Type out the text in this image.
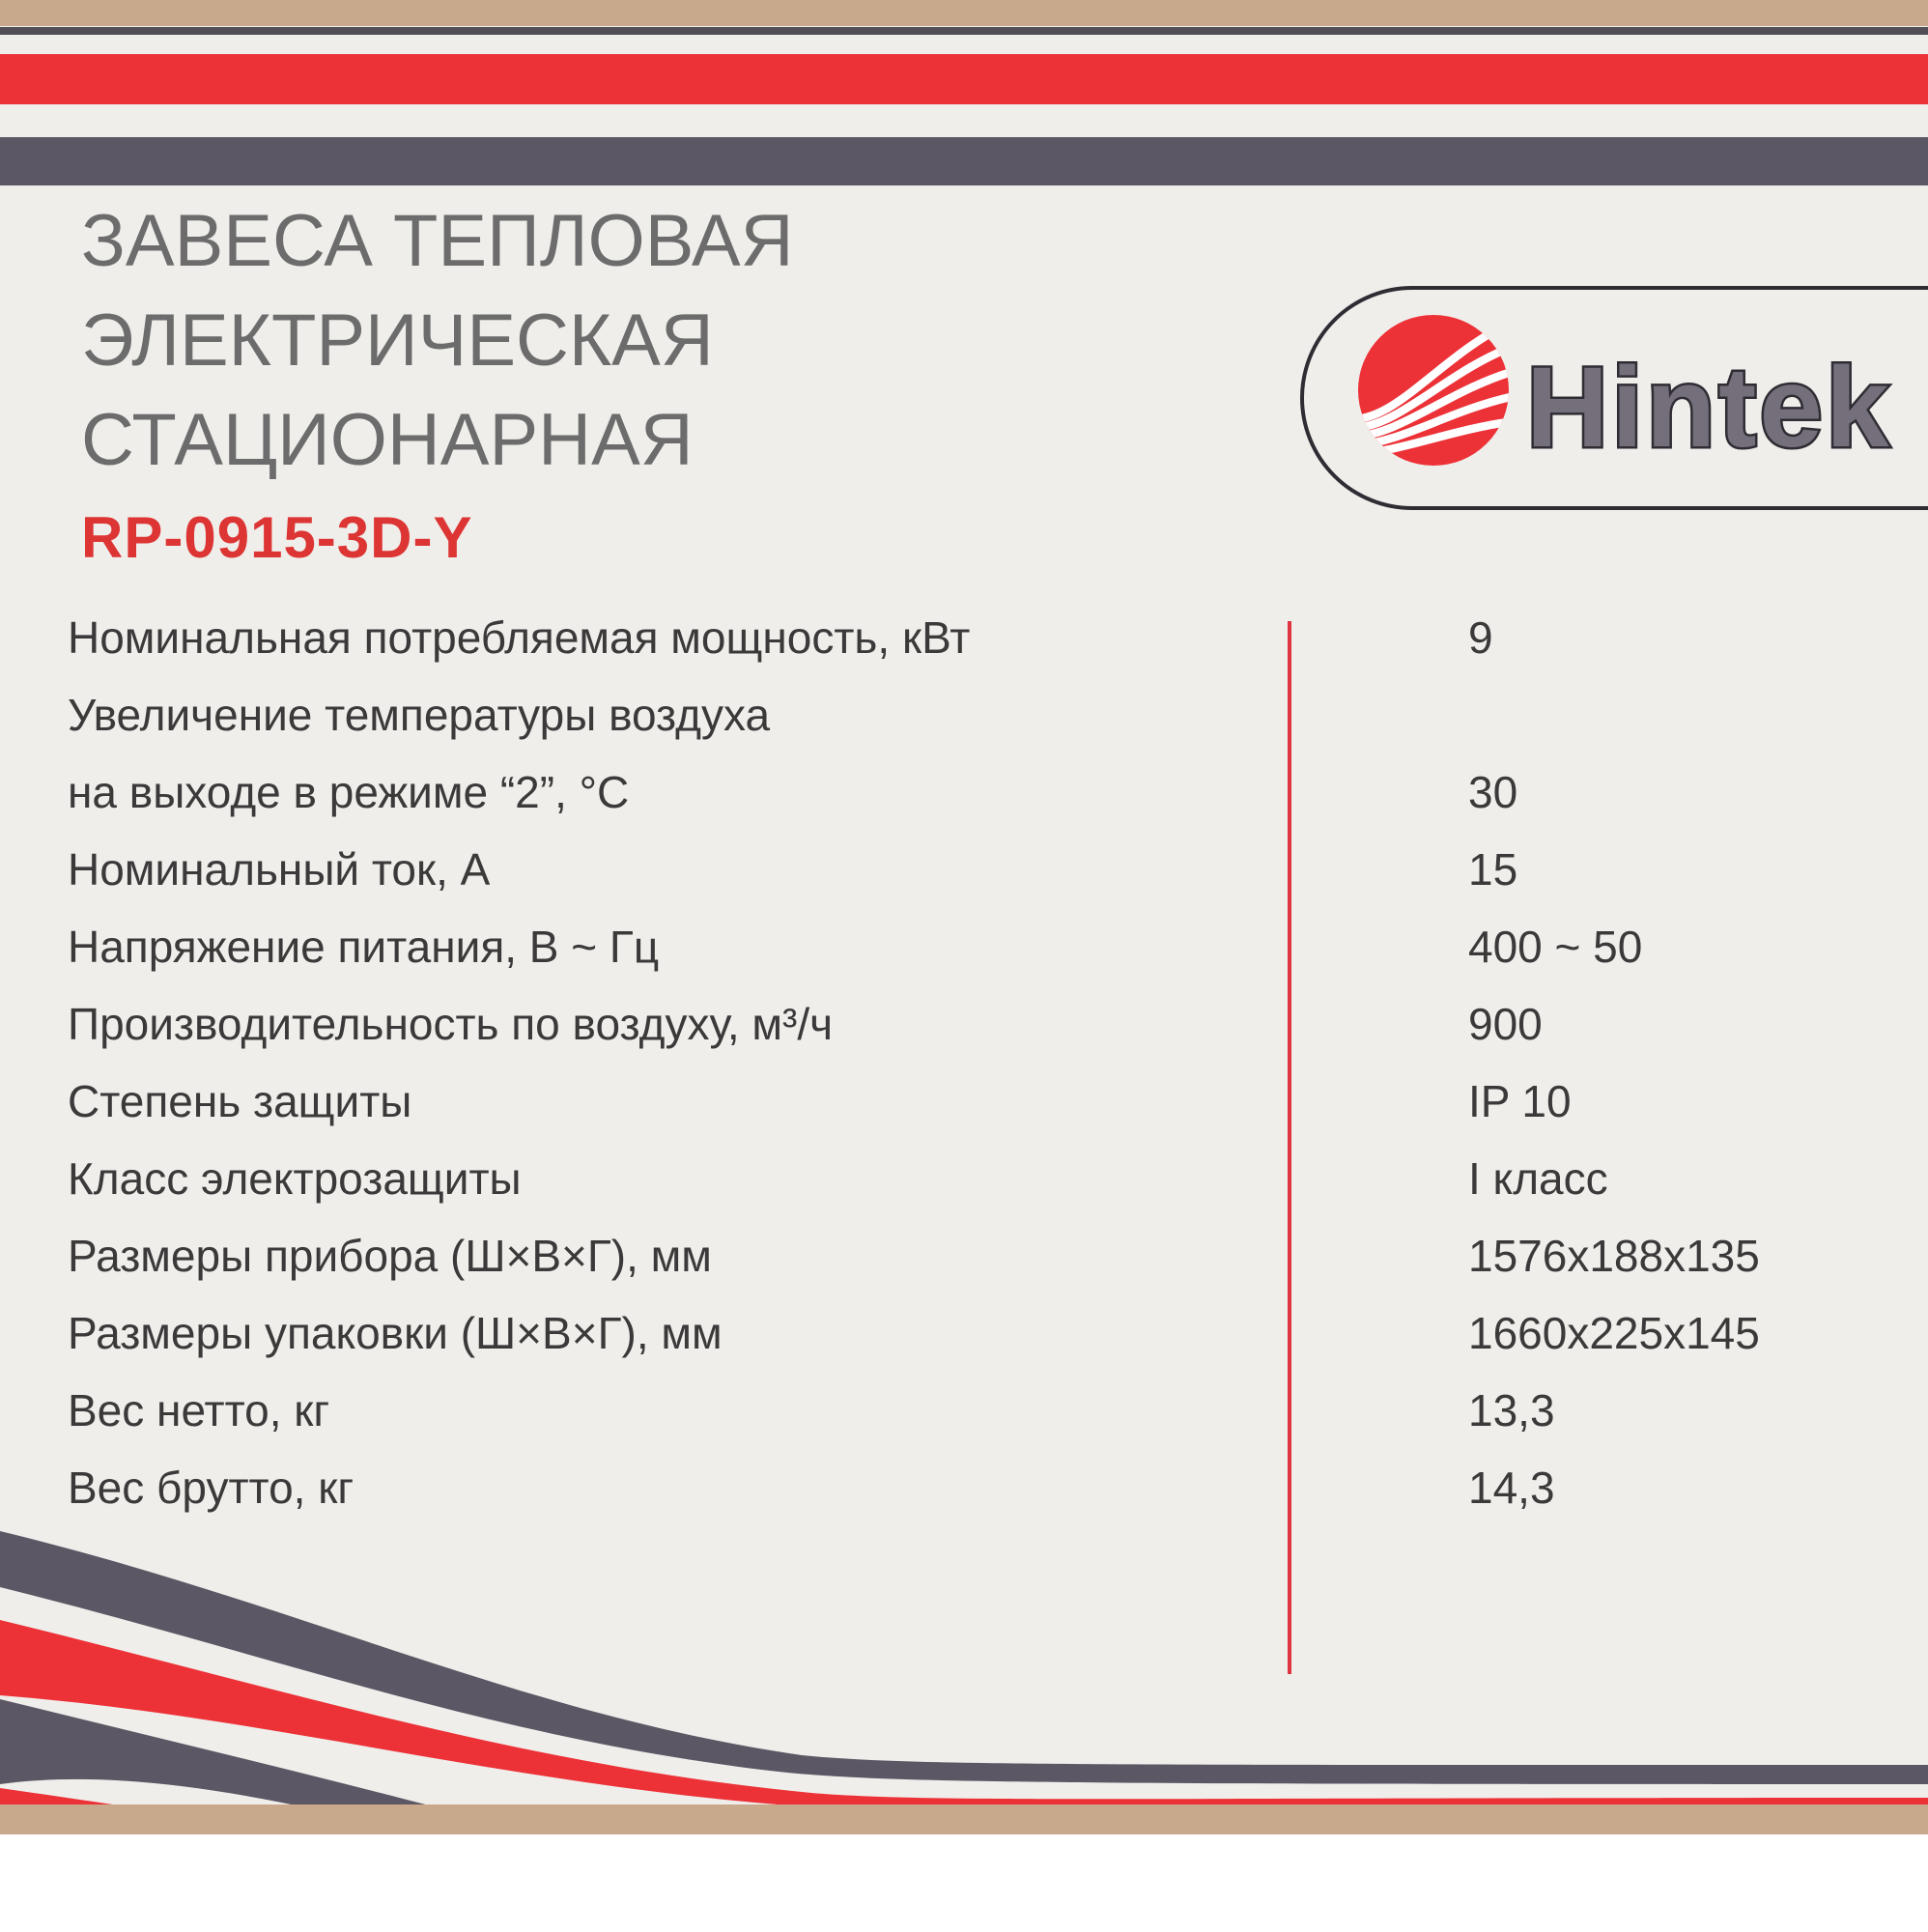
ЗАВЕСА ТЕПЛОВАЯ
ЭЛЕКТРИЧЕСКАЯ
СТАЦИОНАРНАЯ
RP-0915-3D-Y
Hintek
Номинальная потребляемая мощность, кВт	9
Увеличение температуры воздуха
на выходе в режиме “2”, °С	30
Номинальный ток, А	15
Напряжение питания, В ~ Гц	400 ~ 50
Производительность по воздуху, м³/ч	900
Степень защиты	IP 10
Класс электрозащиты	I класс
Размеры прибора (Ш×В×Г), мм	1576x188x135
Размеры упаковки (Ш×В×Г), мм	1660x225x145
Вес нетто, кг	13,3
Вес брутто, кг	14,3
